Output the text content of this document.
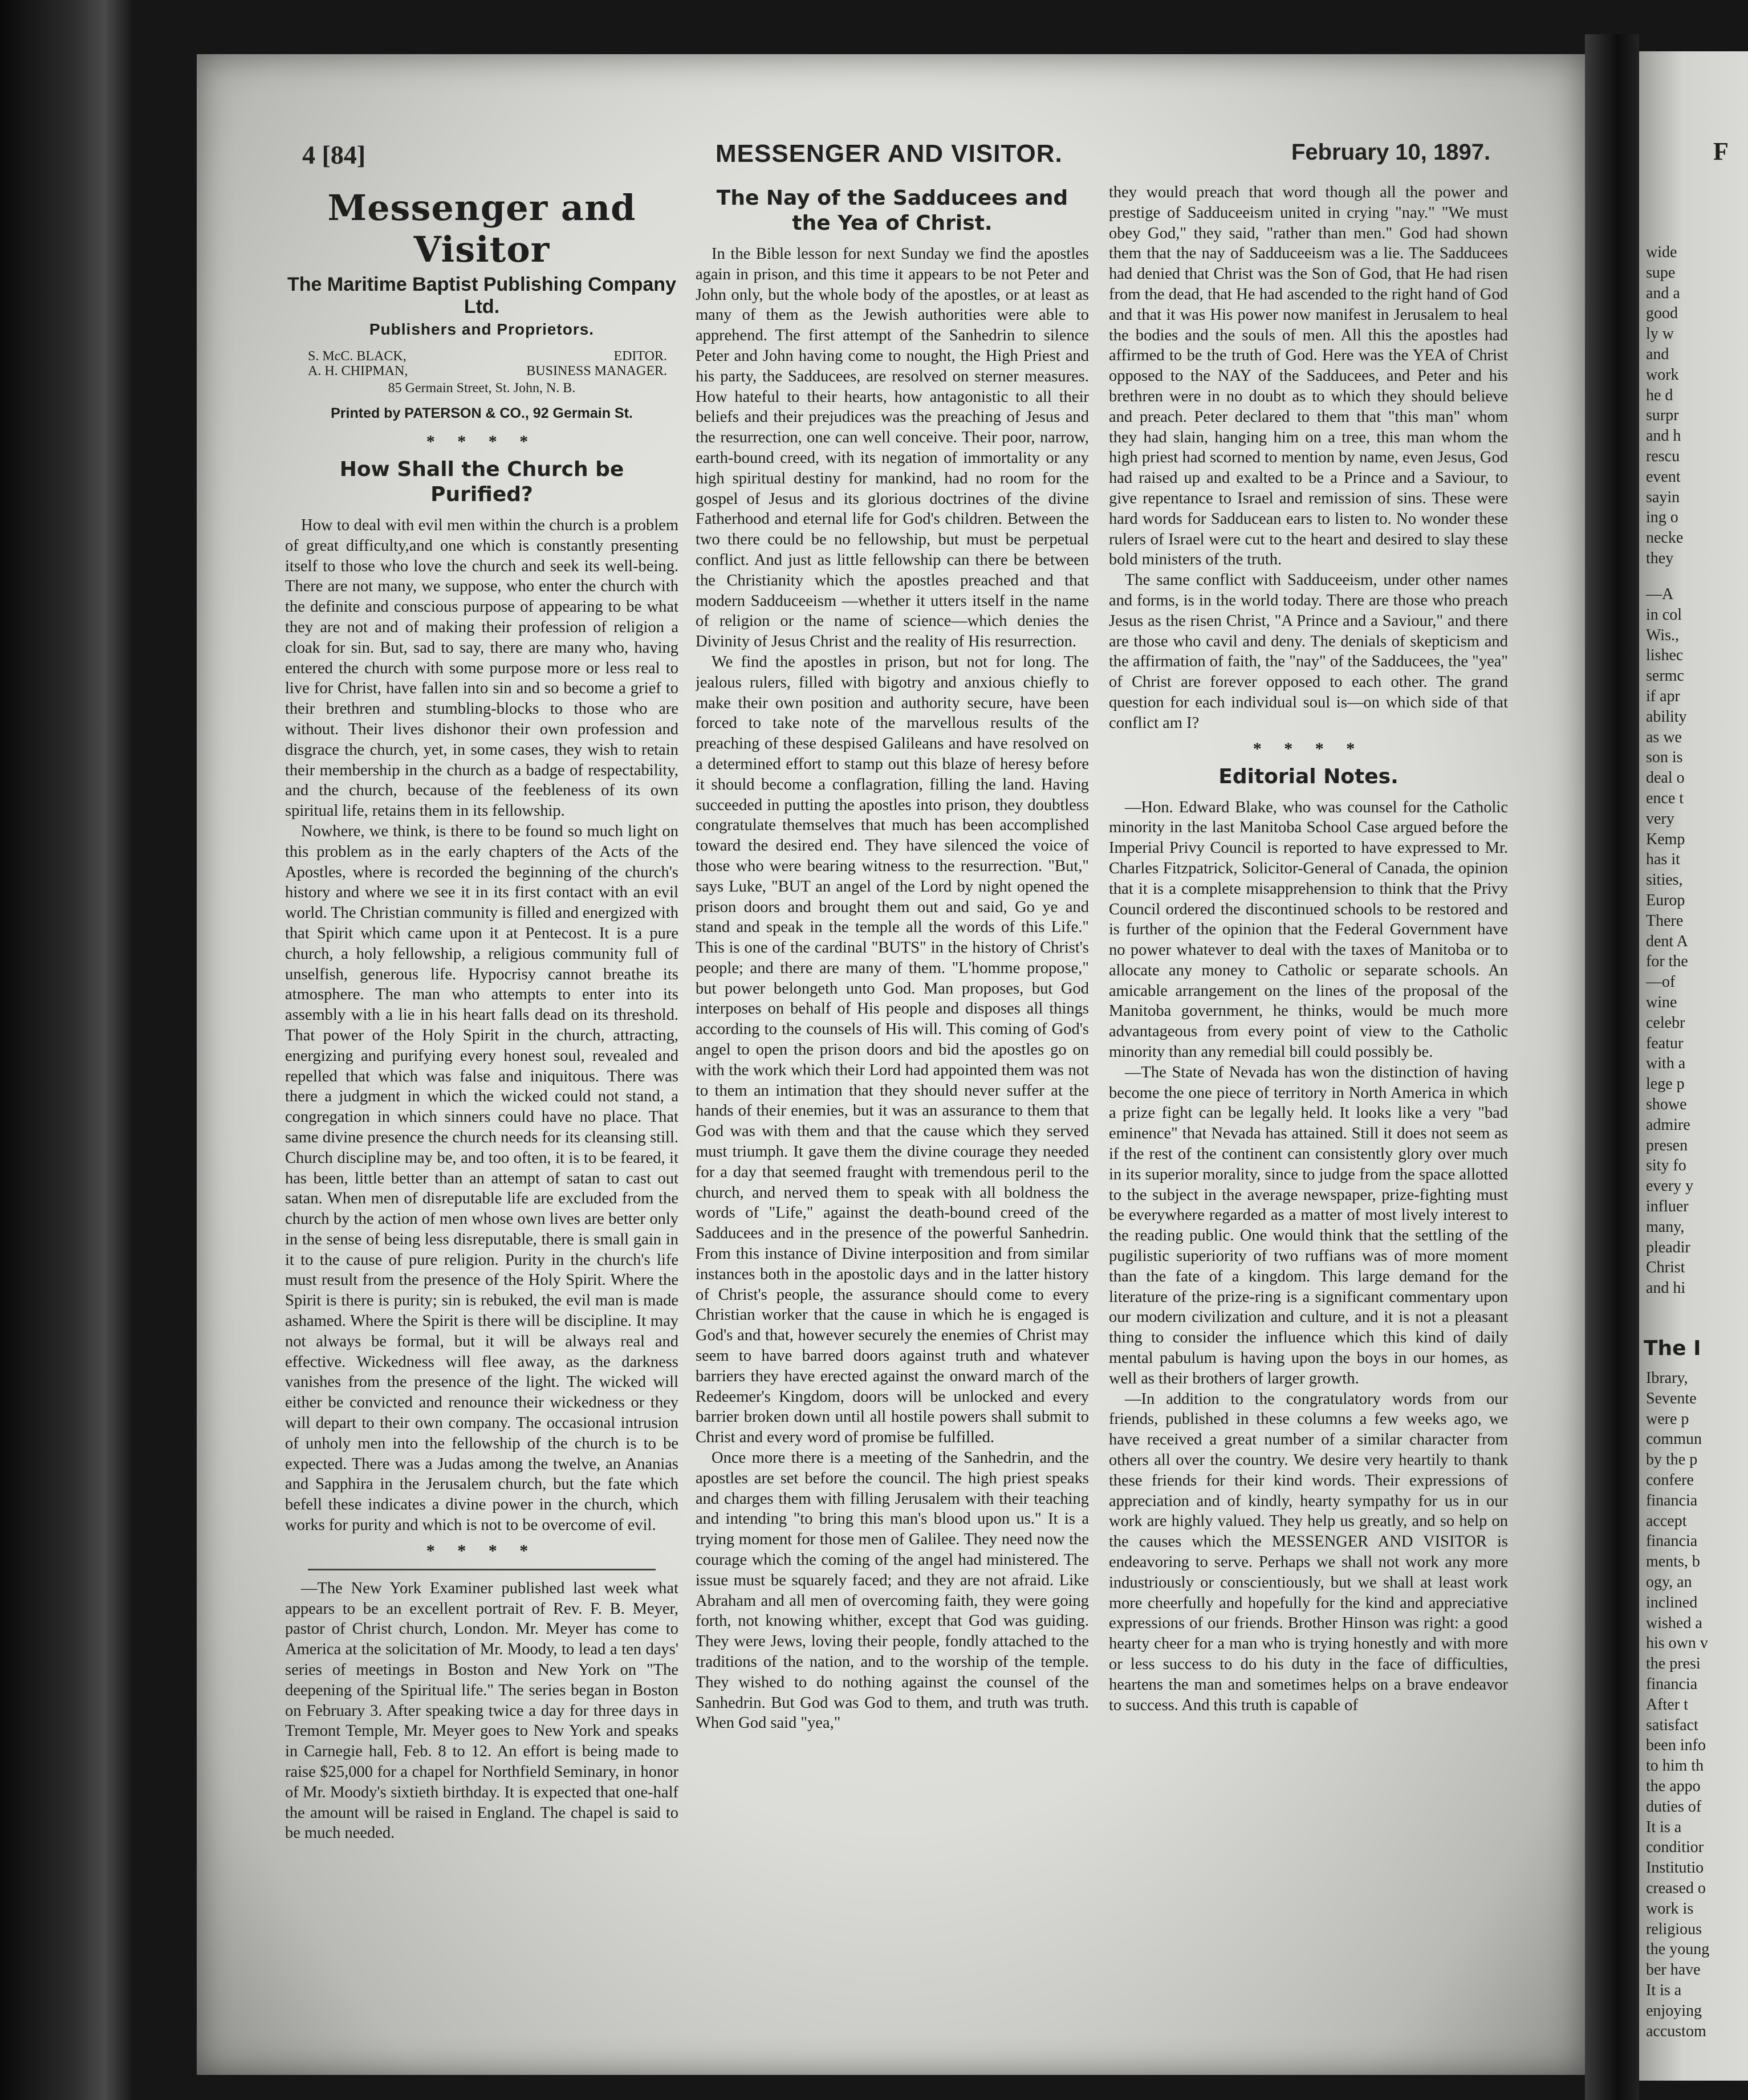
4 [84]	MESSENGER AND VISITOR.	February 10, 1897.
Messenger and Visitor
The Maritime Baptist Publishing Company Ltd.
Publishers and Proprietors.
S. McC. BLACK,	EDITOR.
A. H. CHIPMAN,	BUSINESS MANAGER.
85 Germain Street, St. John, N. B.
Printed by PATERSON & CO., 92 Germain St.
* * * *
How Shall the Church be Purified?

How to deal with evil men within the church is a problem of great difficulty,and one which is constantly presenting itself to those who love the church and seek its well-being. There are not many, we suppose, who enter the church with the definite and conscious purpose of appearing to be what they are not and of making their profession of religion a cloak for sin. But, sad to say, there are many who, having entered the church with some purpose more or less real to live for Christ, have fallen into sin and so become a grief to their brethren and stumbling-blocks to those who are without. Their lives dishonor their own profession and disgrace the church, yet, in some cases, they wish to retain their membership in the church as a badge of respectability, and the church, because of the feebleness of its own spiritual life, retains them in its fellowship.

Nowhere, we think, is there to be found so much light on this problem as in the early chapters of the Acts of the Apostles, where is recorded the beginning of the church's history and where we see it in its first contact with an evil world. The Christian community is filled and energized with that Spirit which came upon it at Pentecost. It is a pure church, a holy fellowship, a religious community full of unselfish, generous life. Hypocrisy cannot breathe its atmosphere. The man who attempts to enter into its assembly with a lie in his heart falls dead on its threshold. That power of the Holy Spirit in the church, attracting, energizing and purifying every honest soul, revealed and repelled that which was false and iniquitous. There was there a judgment in which the wicked could not stand, a congregation in which sinners could have no place. That same divine presence the church needs for its cleansing still. Church discipline may be, and too often, it is to be feared, it has been, little better than an attempt of satan to cast out satan. When men of disreputable life are excluded from the church by the action of men whose own lives are better only in the sense of being less disreputable, there is small gain in it to the cause of pure religion. Purity in the church's life must result from the presence of the Holy Spirit. Where the Spirit is there is purity; sin is rebuked, the evil man is made ashamed. Where the Spirit is there will be discipline. It may not always be formal, but it will be always real and effective. Wickedness will flee away, as the darkness vanishes from the presence of the light. The wicked will either be convicted and renounce their wickedness or they will depart to their own company. The occasional intrusion of unholy men into the fellowship of the church is to be expected. There was a Judas among the twelve, an Ananias and Sapphira in the Jerusalem church, but the fate which befell these indicates a divine power in the church, which works for purity and which is not to be overcome of evil.

* * * *

—The New York Examiner published last week what appears to be an excellent portrait of Rev. F. B. Meyer, pastor of Christ church, London. Mr. Meyer has come to America at the solicitation of Mr. Moody, to lead a ten days' series of meetings in Boston and New York on "The deepening of the Spiritual life." The series began in Boston on February 3. After speaking twice a day for three days in Tremont Temple, Mr. Meyer goes to New York and speaks in Carnegie hall, Feb. 8 to 12. An effort is being made to raise $25,000 for a chapel for Northfield Seminary, in honor of Mr. Moody's sixtieth birthday. It is expected that one-half the amount will be raised in England. The chapel is said to be much needed.

The Nay of the Sadducees and the Yea of Christ.

In the Bible lesson for next Sunday we find the apostles again in prison, and this time it appears to be not Peter and John only, but the whole body of the apostles, or at least as many of them as the Jewish authorities were able to apprehend. The first attempt of the Sanhedrin to silence Peter and John having come to nought, the High Priest and his party, the Sadducees, are resolved on sterner measures. How hateful to their hearts, how antagonistic to all their beliefs and their prejudices was the preaching of Jesus and the resurrection, one can well conceive. Their poor, narrow, earth-bound creed, with its negation of immortality or any high spiritual destiny for mankind, had no room for the gospel of Jesus and its glorious doctrines of the divine Fatherhood and eternal life for God's children. Between the two there could be no fellowship, but must be perpetual conflict. And just as little fellowship can there be between the Christianity which the apostles preached and that modern Sadduceeism —whether it utters itself in the name of religion or the name of science—which denies the Divinity of Jesus Christ and the reality of His resurrection.

We find the apostles in prison, but not for long. The jealous rulers, filled with bigotry and anxious chiefly to make their own position and authority secure, have been forced to take note of the marvellous results of the preaching of these despised Galileans and have resolved on a determined effort to stamp out this blaze of heresy before it should become a conflagration, filling the land. Having succeeded in putting the apostles into prison, they doubtless congratulate themselves that much has been accomplished toward the desired end. They have silenced the voice of those who were bearing witness to the resurrection. "But," says Luke, "BUT an angel of the Lord by night opened the prison doors and brought them out and said, Go ye and stand and speak in the temple all the words of this Life." This is one of the cardinal "BUTS" in the history of Christ's people; and there are many of them. "L'homme propose," but power belongeth unto God. Man proposes, but God interposes on behalf of His people and disposes all things according to the counsels of His will. This coming of God's angel to open the prison doors and bid the apostles go on with the work which their Lord had appointed them was not to them an intimation that they should never suffer at the hands of their enemies, but it was an assurance to them that God was with them and that the cause which they served must triumph. It gave them the divine courage they needed for a day that seemed fraught with tremendous peril to the church, and nerved them to speak with all boldness the words of "Life," against the death-bound creed of the Sadducees and in the presence of the powerful Sanhedrin. From this instance of Divine interposition and from similar instances both in the apostolic days and in the latter history of Christ's people, the assurance should come to every Christian worker that the cause in which he is engaged is God's and that, however securely the enemies of Christ may seem to have barred doors against truth and whatever barriers they have erected against the onward march of the Redeemer's Kingdom, doors will be unlocked and every barrier broken down until all hostile powers shall submit to Christ and every word of promise be fulfilled.

Once more there is a meeting of the Sanhedrin, and the apostles are set before the council. The high priest speaks and charges them with filling Jerusalem with their teaching and intending "to bring this man's blood upon us." It is a trying moment for those men of Galilee. They need now the courage which the coming of the angel had ministered. The issue must be squarely faced; and they are not afraid. Like Abraham and all men of overcoming faith, they were going forth, not knowing whither, except that God was guiding. They were Jews, loving their people, fondly attached to the traditions of the nation, and to the worship of the temple. They wished to do nothing against the counsel of the Sanhedrin. But God was God to them, and truth was truth. When God said "yea,"

they would preach that word though all the power and prestige of Sadduceeism united in crying "nay." "We must obey God," they said, "rather than men." God had shown them that the nay of Sadduceeism was a lie. The Sadducees had denied that Christ was the Son of God, that He had risen from the dead, that He had ascended to the right hand of God and that it was His power now manifest in Jerusalem to heal the bodies and the souls of men. All this the apostles had affirmed to be the truth of God. Here was the YEA of Christ opposed to the NAY of the Sadducees, and Peter and his brethren were in no doubt as to which they should believe and preach. Peter declared to them that "this man" whom they had slain, hanging him on a tree, this man whom the high priest had scorned to mention by name, even Jesus, God had raised up and exalted to be a Prince and a Saviour, to give repentance to Israel and remission of sins. These were hard words for Sadducean ears to listen to. No wonder these rulers of Israel were cut to the heart and desired to slay these bold ministers of the truth.

The same conflict with Sadduceeism, under other names and forms, is in the world today. There are those who preach Jesus as the risen Christ, "A Prince and a Saviour," and there are those who cavil and deny. The denials of skepticism and the affirmation of faith, the "nay" of the Sadducees, the "yea" of Christ are forever opposed to each other. The grand question for each individual soul is—on which side of that conflict am I?

* * * *
Editorial Notes.

—Hon. Edward Blake, who was counsel for the Catholic minority in the last Manitoba School Case argued before the Imperial Privy Council is reported to have expressed to Mr. Charles Fitzpatrick, Solicitor-General of Canada, the opinion that it is a complete misapprehension to think that the Privy Council ordered the discontinued schools to be restored and is further of the opinion that the Federal Government have no power whatever to deal with the taxes of Manitoba or to allocate any money to Catholic or separate schools. An amicable arrangement on the lines of the proposal of the Manitoba government, he thinks, would be much more advantageous from every point of view to the Catholic minority than any remedial bill could possibly be.

—The State of Nevada has won the distinction of having become the one piece of territory in North America in which a prize fight can be legally held. It looks like a very "bad eminence" that Nevada has attained. Still it does not seem as if the rest of the continent can consistently glory over much in its superior morality, since to judge from the space allotted to the subject in the average newspaper, prize-fighting must be everywhere regarded as a matter of most lively interest to the reading public. One would think that the settling of the pugilistic superiority of two ruffians was of more moment than the fate of a kingdom. This large demand for the literature of the prize-ring is a significant commentary upon our modern civilization and culture, and it is not a pleasant thing to consider the influence which this kind of daily mental pabulum is having upon the boys in our homes, as well as their brothers of larger growth.

—In addition to the congratulatory words from our friends, published in these columns a few weeks ago, we have received a great number of a similar character from others all over the country. We desire very heartily to thank these friends for their kind words. Their expressions of appreciation and of kindly, hearty sympathy for us in our work are highly valued. They help us greatly, and so help on the causes which the MESSENGER AND VISITOR is endeavoring to serve. Perhaps we shall not work any more industriously or conscientiously, but we shall at least work more cheerfully and hopefully for the kind and appreciative expressions of our friends. Brother Hinson was right: a good hearty cheer for a man who is trying honestly and with more or less success to do his duty in the face of difficulties, heartens the man and sometimes helps on a brave endeavor to success. And this truth is capable of

F
wide
supe
and a
good
ly w
and
work
he d
surpr
and h
rescu
event
sayin
ing o
necke
they
—A
in col
Wis.,
lishec
sermc
if apr
ability
as we
son is
deal o
ence t
very
Kemp
has it
sities,
Europ
There
dent A
for the
—of
wine
celebr
featur
with a
lege p
showe
admire
presen
sity fo
every y
influer
many,
pleadir
Christ
and hi
The I
Ibrary,
Sevente
were p
commun
by the p
confere
financia
accept
financia
ments, b
ogy, an
inclined
wished a
his own v
the presi
financia
After t
satisfact
been info
to him th
the appo
duties of
It is a
conditior
Institutio
creased o
work is
religious
the young
ber have
It is a
enjoying
accustom
